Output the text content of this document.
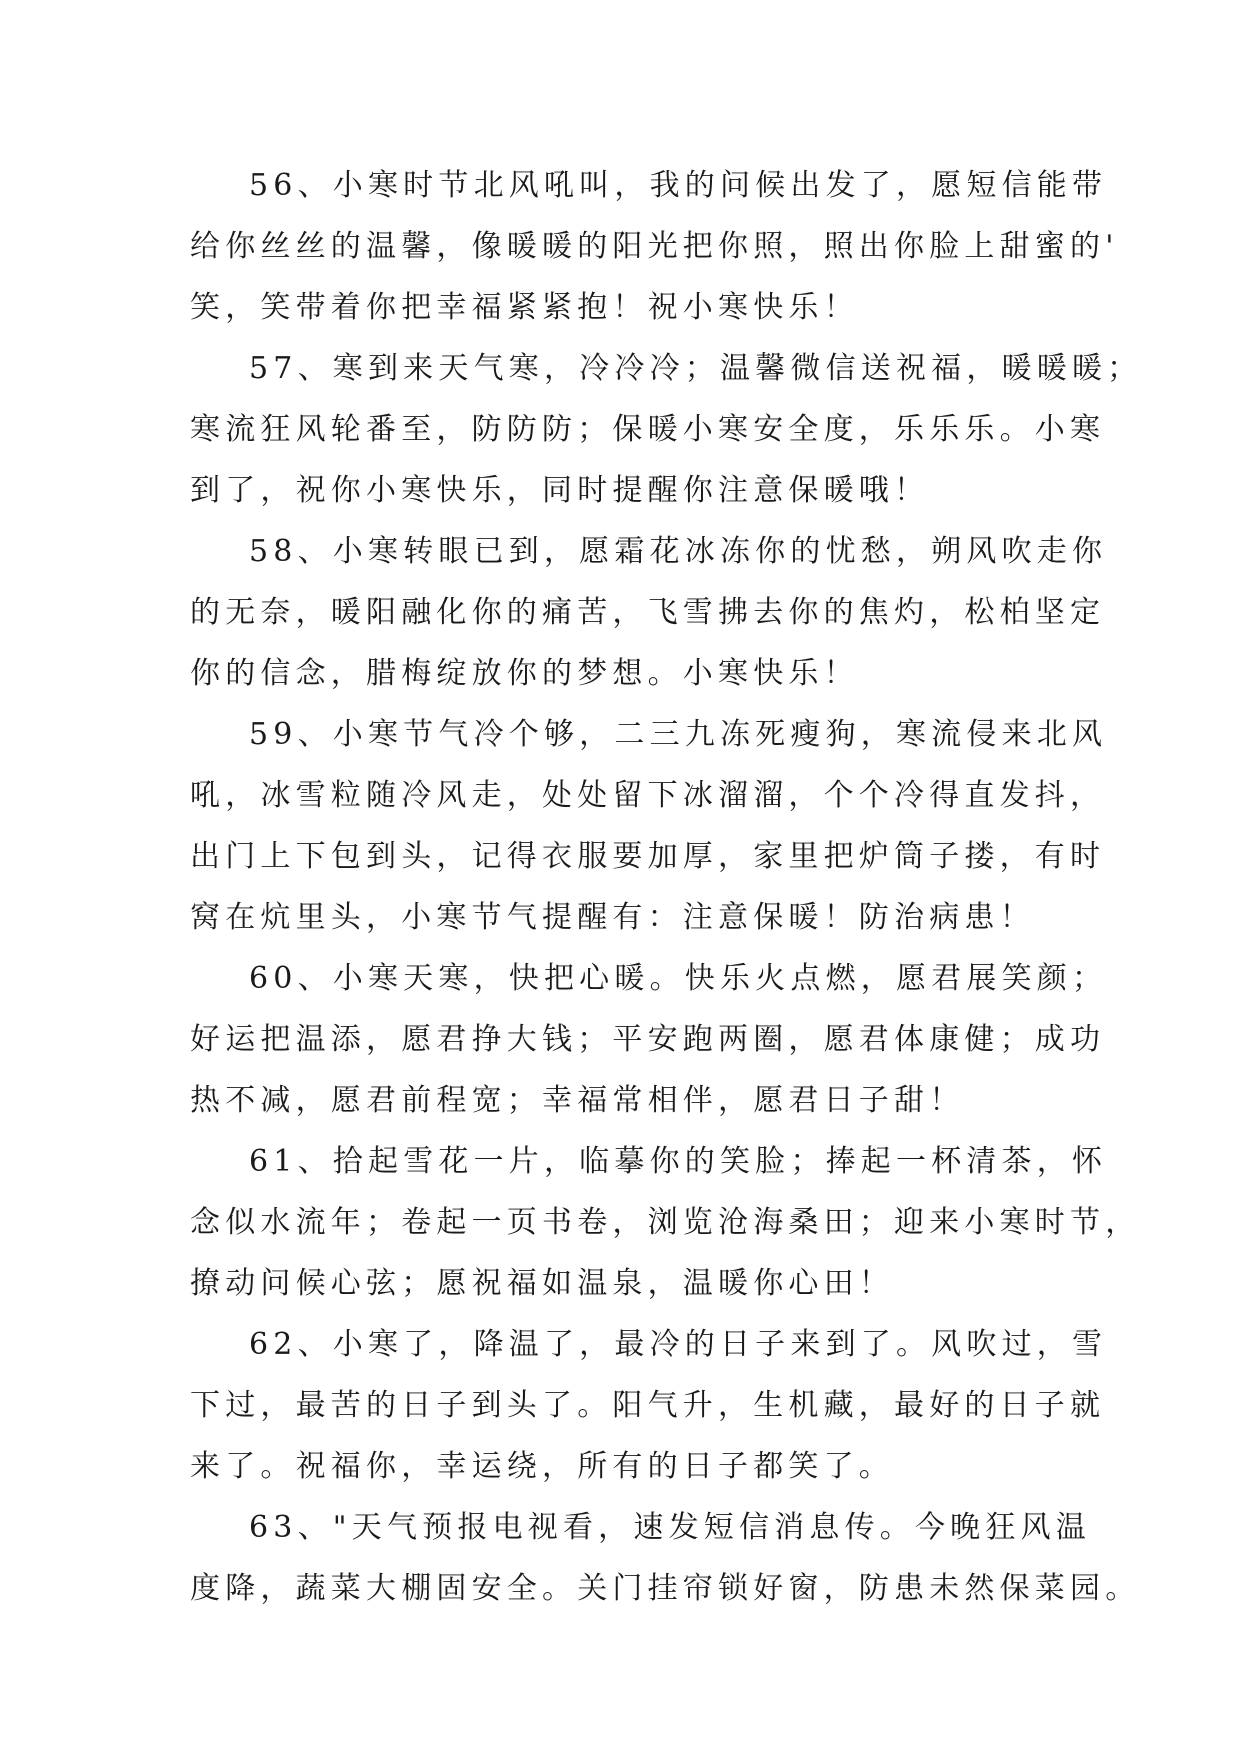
56、小寒时节北风吼叫，我的问候出发了，愿短信能带
给你丝丝的温馨，像暖暖的阳光把你照，照出你脸上甜蜜的'
笑，笑带着你把幸福紧紧抱！祝小寒快乐！
57、寒到来天气寒，冷冷冷；温馨微信送祝福，暖暖暖；
寒流狂风轮番至，防防防；保暖小寒安全度，乐乐乐。小寒
到了，祝你小寒快乐，同时提醒你注意保暖哦！
58、小寒转眼已到，愿霜花冰冻你的忧愁，朔风吹走你
的无奈，暖阳融化你的痛苦，飞雪拂去你的焦灼，松柏坚定
你的信念，腊梅绽放你的梦想。小寒快乐！
59、小寒节气冷个够，二三九冻死瘦狗，寒流侵来北风
吼，冰雪粒随冷风走，处处留下冰溜溜，个个冷得直发抖，
出门上下包到头，记得衣服要加厚，家里把炉筒子搂，有时
窝在炕里头，小寒节气提醒有：注意保暖！防治病患！
60、小寒天寒，快把心暖。快乐火点燃，愿君展笑颜；
好运把温添，愿君挣大钱；平安跑两圈，愿君体康健；成功
热不减，愿君前程宽；幸福常相伴，愿君日子甜！
61、拾起雪花一片，临摹你的笑脸；捧起一杯清茶，怀
念似水流年；卷起一页书卷，浏览沧海桑田；迎来小寒时节，
撩动问候心弦；愿祝福如温泉，温暖你心田！
62、小寒了，降温了，最冷的日子来到了。风吹过，雪
下过，最苦的日子到头了。阳气升，生机藏，最好的日子就
来了。祝福你，幸运绕，所有的日子都笑了。
63、"天气预报电视看，速发短信消息传。今晚狂风温
度降，蔬菜大棚固安全。关门挂帘锁好窗，防患未然保菜园。
